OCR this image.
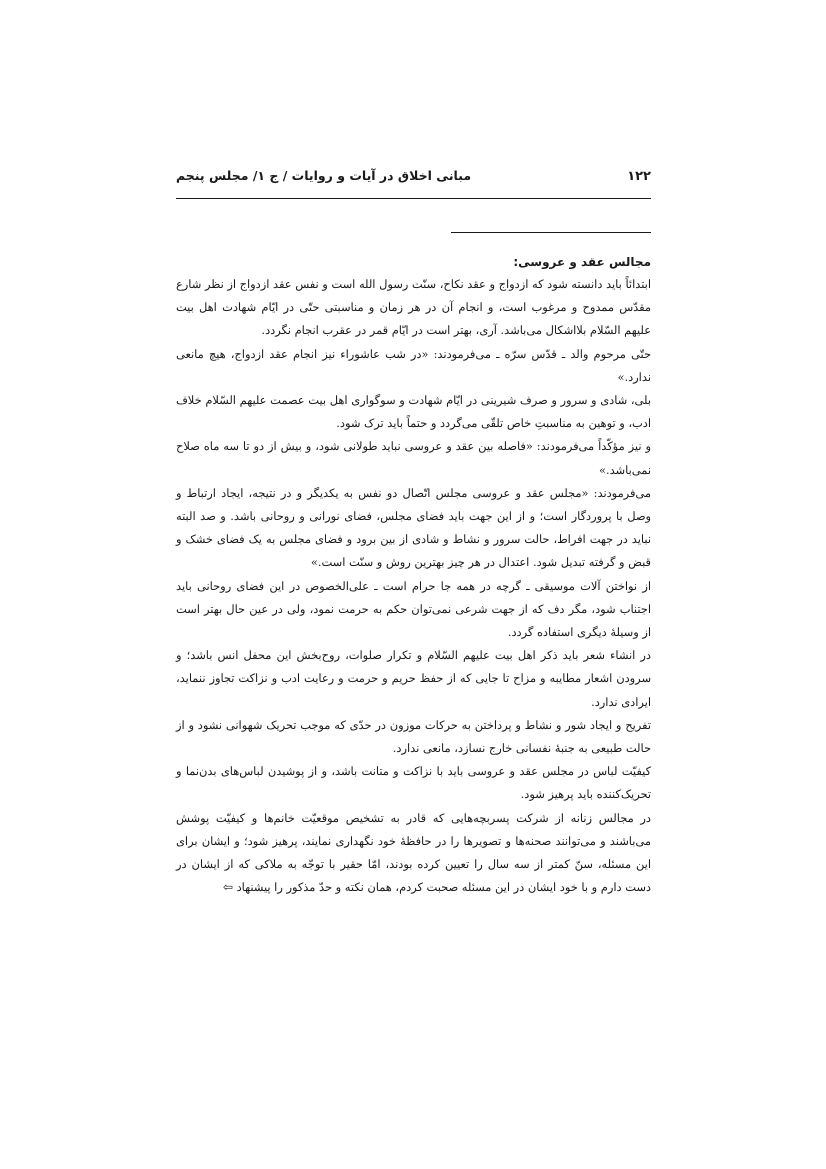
۱۲۲
مبانی اخلاق در آیات و روایات / ج ۱/ مجلس پنجم
مجالس عقد و عروسی:

ابتدائاً باید دانسته شود که ازدواج و عقد نکاح، سنّت رسول الله است و نفس عقد ازدواج از نظر شارع مقدّس ممدوح و مرغوب است، و انجام آن در هر زمان و مناسبتی حتّی در ایّام شهادت اهل بیت علیهم السّلام بلااشکال می‌باشد. آری، بهتر است در ایّام قمر در عقرب انجام نگردد.

حتّی مرحوم والد ـ قدّس سرّه ـ می‌فرمودند: «در شب عاشوراء نیز انجام عقد ازدواج، هیچ مانعی ندارد.»

بلی، شادی و سرور و صرف شیرینی در ایّام شهادت و سوگواری اهل بیت عصمت علیهم السّلام خلاف ادب، و توهین به مناسبتِ خاص تلقّی می‌گردد و حتماً باید ترک شود.

و نیز مؤکّداً می‌فرمودند: «فاصله بین عقد و عروسی نباید طولانی شود، و بیش از دو تا سه ماه صلاح نمی‌باشد.»

می‌فرمودند: «مجلس عقد و عروسی مجلس اتّصال دو نفس به یکدیگر و در نتیجه، ایجاد ارتباط و وصل با پروردگار است؛ و از این جهت باید فضای مجلس، فضای نورانی و روحانی باشد. و صد البته نباید در جهت افراط، حالت سرور و نشاط و شادی از بین برود و فضای مجلس به یک فضای خشک و قبض و گرفته تبدیل شود. اعتدال در هر چیز بهترین روش و سنّت است.»

از نواختن آلات موسیقی ـ گرچه در همه جا حرام است ـ علی‌الخصوص در این فضای روحانی باید اجتناب شود، مگر دف که از جهت شرعی نمی‌توان حکم به حرمت نمود، ولی در عین حال بهتر است از وسیلهٔ دیگری استفاده گردد.

در انشاء شعر باید ذکر اهل بیت علیهم السّلام و تکرار صلوات، روح‌بخش این محفل انس باشد؛ و سرودن اشعار مطایبه و مزاح تا جایی که از حفظ حریم و حرمت و رعایت ادب و نزاکت تجاوز ننماید، ایرادی ندارد.

تفریح و ایجاد شور و نشاط و پرداختن به حرکات موزون در حدّی که موجب تحریک شهوانی نشود و از حالت طبیعی به جنبهٔ نفسانی خارج نسازد، مانعی ندارد.

کیفیّت لباس در مجلس عقد و عروسی باید با نزاکت و متانت باشد، و از پوشیدن لباس‌های بدن‌نما و تحریک‌کننده باید پرهیز شود.

در مجالس زنانه از شرکت پسربچه‌هایی که قادر به تشخیص موقعیّت خانم‌ها و کیفیّت پوشش می‌باشند و می‌توانند صحنه‌ها و تصویرها را در حافظهٔ خود نگهداری نمایند، پرهیز شود؛ و ایشان برای این مسئله، سنّ کمتر از سه سال را تعیین کرده بودند، امّا حقیر با توجّه به ملاکی که از ایشان در دست دارم و با خود ایشان در این مسئله صحبت کردم، همان نکته و حدّ مذکور را پیشنهاد ⇦
